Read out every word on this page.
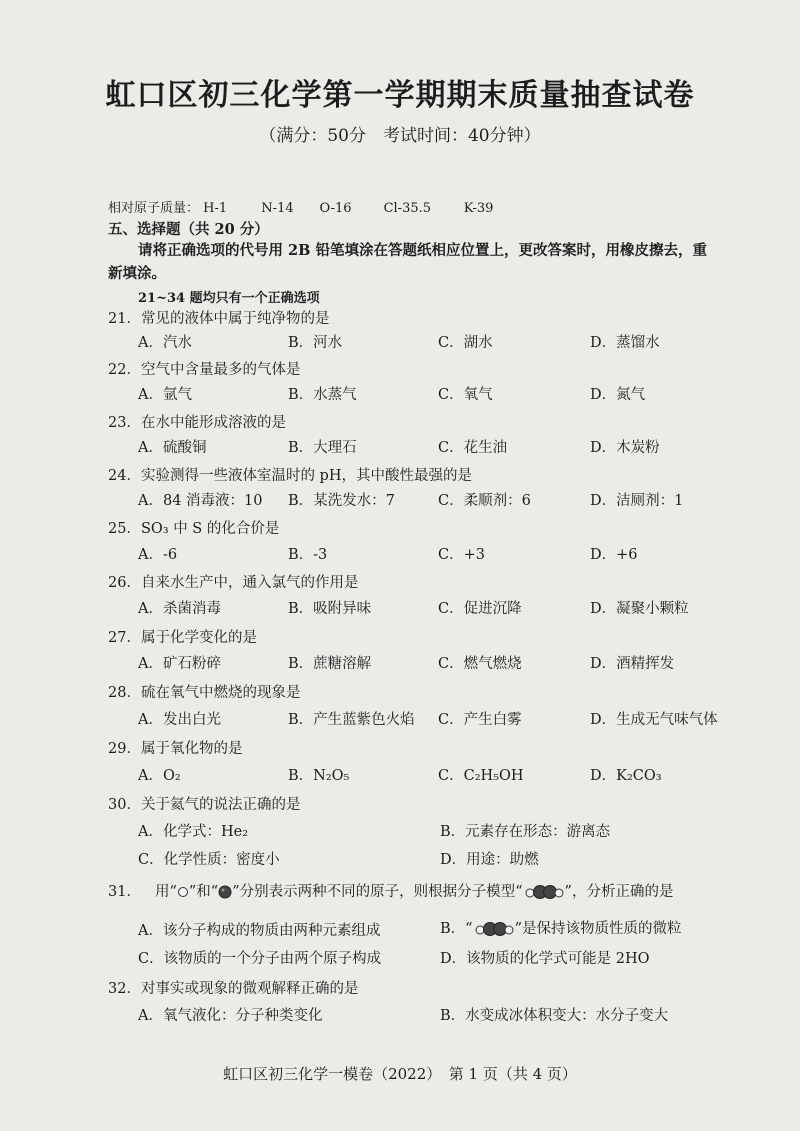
虹口区初三化学第一学期期末质量抽查试卷
（满分：50分　考试时间：40分钟）
相对原子质量： H-1	N-14 O-16 Cl-35.5	K-39
五、选择题（共 20 分）
请将正确选项的代号用 2B 铅笔填涂在答题纸相应位置上，更改答案时，用橡皮擦去，重
新填涂。
21~34 题均只有一个正确选项
21．常见的液体中属于纯净物的是
A．汽水	B．河水	C．湖水	D．蒸馏水
22．空气中含量最多的气体是
A．氩气	B．水蒸气	C．氧气	D．氮气
23．在水中能形成溶液的是
A．硫酸铜	B．大理石	C．花生油	D．木炭粉
24．实验测得一些液体室温时的 pH，其中酸性最强的是
A．84 消毒液：10 B．某洗发水：7	C．柔顺剂：6	D．洁厕剂：1
25．SO₃ 中 S 的化合价是
A．-6	B．-3	C．+3	D．+6
26．自来水生产中，通入氯气的作用是
A．杀菌消毒	B．吸附异味	C．促进沉降	D．凝聚小颗粒
27．属于化学变化的是
A．矿石粉碎	B．蔗糖溶解	C．燃气燃烧	D．酒精挥发
28．硫在氧气中燃烧的现象是
A．发出白光	B．产生蓝紫色火焰 C．产生白雾	D．生成无气味气体
29．属于氧化物的是
A．O₂	B．N₂O₅	C．C₂H₅OH	D．K₂CO₃
30．关于氦气的说法正确的是
A．化学式：He₂	B．元素存在形态：游离态
C．化学性质：密度小	D．用途：助燃
31． 用“ ”和“ ”分别表示两种不同的原子，则根据分子模型“	”，分析正确的是
A．该分子构成的物质由两种元素组成	B．“	”是保持该物质性质的微粒
C．该物质的一个分子由两个原子构成	D．该物质的化学式可能是 2HO
32．对事实或现象的微观解释正确的是
A．氧气液化：分子种类变化	B．水变成冰体积变大：水分子变大
虹口区初三化学一模卷（2022）　第 1 页（共 4 页）
